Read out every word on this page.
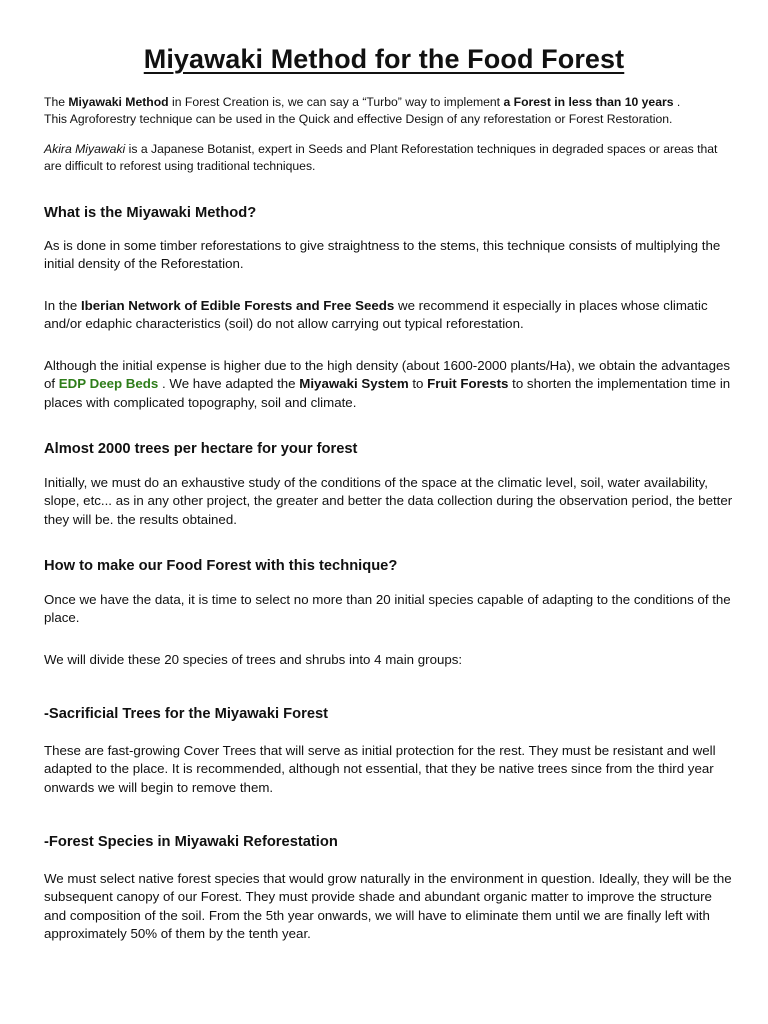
Miyawaki Method for the Food Forest

The Miyawaki Method in Forest Creation is, we can say a “Turbo” way to implement a Forest in less than 10 years .
This Agroforestry technique can be used in the Quick and effective Design of any reforestation or Forest Restoration.

Akira Miyawaki is a Japanese Botanist, expert in Seeds and Plant Reforestation techniques in degraded spaces or areas that are difficult to reforest using traditional techniques.

What is the Miyawaki Method?

As is done in some timber reforestations to give straightness to the stems, this technique consists of multiplying the initial density of the Reforestation.

In the Iberian Network of Edible Forests and Free Seeds we recommend it especially in places whose climatic and/or edaphic characteristics (soil) do not allow carrying out typical reforestation.

Although the initial expense is higher due to the high density (about 1600-2000 plants/Ha), we obtain the advantages of EDP Deep Beds . We have adapted the Miyawaki System to Fruit Forests to shorten the implementation time in places with complicated topography, soil and climate.

Almost 2000 trees per hectare for your forest

Initially, we must do an exhaustive study of the conditions of the space at the climatic level, soil, water availability, slope, etc... as in any other project, the greater and better the data collection during the observation period, the better they will be. the results obtained.

How to make our Food Forest with this technique?

Once we have the data, it is time to select no more than 20 initial species capable of adapting to the conditions of the place.

We will divide these 20 species of trees and shrubs into 4 main groups:

-Sacrificial Trees for the Miyawaki Forest

These are fast-growing Cover Trees that will serve as initial protection for the rest. They must be resistant and well adapted to the place. It is recommended, although not essential, that they be native trees since from the third year onwards we will begin to remove them.

-Forest Species in Miyawaki Reforestation

We must select native forest species that would grow naturally in the environment in question. Ideally, they will be the subsequent canopy of our Forest. They must provide shade and abundant organic matter to improve the structure and composition of the soil. From the 5th year onwards, we will have to eliminate them until we are finally left with approximately 50% of them by the tenth year.
